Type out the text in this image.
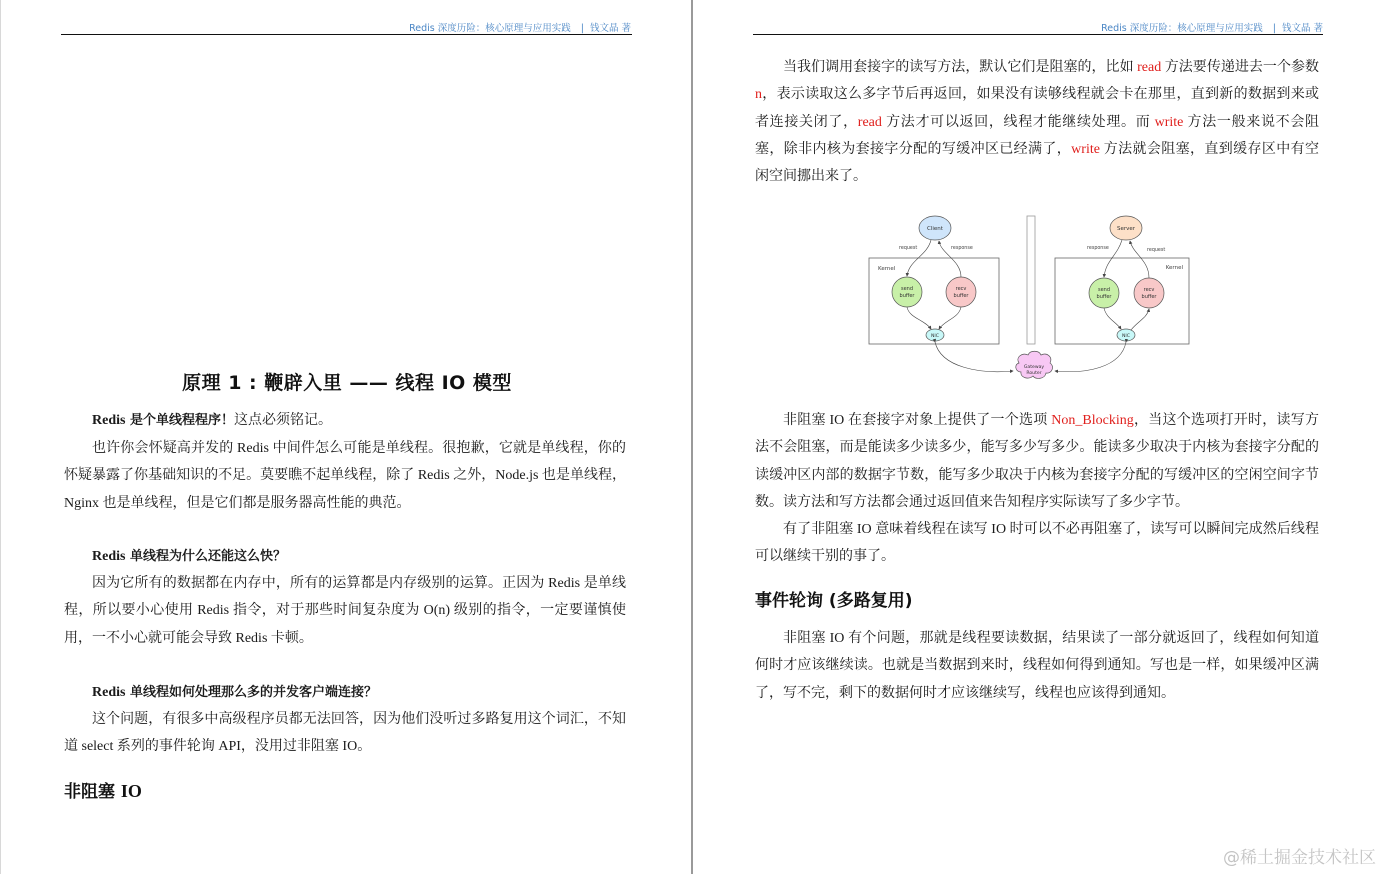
Redis 深度历险：核心原理与应用实践 | 钱文晶 著
原理 1 : 鞭辟入里 —— 线程 IO 模型
Redis 是个单线程程序！这点必须铭记。
也许你会怀疑高并发的 Redis 中间件怎么可能是单线程。很抱歉，它就是单线程，你的怀疑暴露了你基础知识的不足。莫要瞧不起单线程，除了 Redis 之外，Node.js 也是单线程，Nginx 也是单线程，但是它们都是服务器高性能的典范。
Redis 单线程为什么还能这么快？
因为它所有的数据都在内存中，所有的运算都是内存级别的运算。正因为 Redis 是单线程，所以要小心使用 Redis 指令，对于那些时间复杂度为 O(n) 级别的指令，一定要谨慎使用，一不小心就可能会导致 Redis 卡顿。
Redis 单线程如何处理那么多的并发客户端连接？
这个问题，有很多中高级程序员都无法回答，因为他们没听过多路复用这个词汇，不知道 select 系列的事件轮询 API，没用过非阻塞 IO。
非阻塞 IO
Redis 深度历险：核心原理与应用实践 | 钱文晶 著
当我们调用套接字的读写方法，默认它们是阻塞的，比如 read 方法要传递进去一个参数 n，表示读取这么多字节后再返回，如果没有读够线程就会卡在那里，直到新的数据到来或者连接关闭了，read 方法才可以返回，线程才能继续处理。而 write 方法一般来说不会阻塞，除非内核为套接字分配的写缓冲区已经满了，write 方法就会阻塞，直到缓存区中有空闲空间挪出来了。
Kernel
Client
request	response
send
buffer
recv
buffer
NIC
Kernel
Server
response	request
send
buffer
recv
buffer
NIC
Gateway
Router
非阻塞 IO 在套接字对象上提供了一个选项 Non_Blocking，当这个选项打开时，读写方法不会阻塞，而是能读多少读多少，能写多少写多少。能读多少取决于内核为套接字分配的读缓冲区内部的数据字节数，能写多少取决于内核为套接字分配的写缓冲区的空闲空间字节数。读方法和写方法都会通过返回值来告知程序实际读写了多少字节。
有了非阻塞 IO 意味着线程在读写 IO 时可以不必再阻塞了，读写可以瞬间完成然后线程可以继续干别的事了。
事件轮询 (多路复用)
非阻塞 IO 有个问题，那就是线程要读数据，结果读了一部分就返回了，线程如何知道何时才应该继续读。也就是当数据到来时，线程如何得到通知。写也是一样，如果缓冲区满了，写不完，剩下的数据何时才应该继续写，线程也应该得到通知。
@稀土掘金技术社区
